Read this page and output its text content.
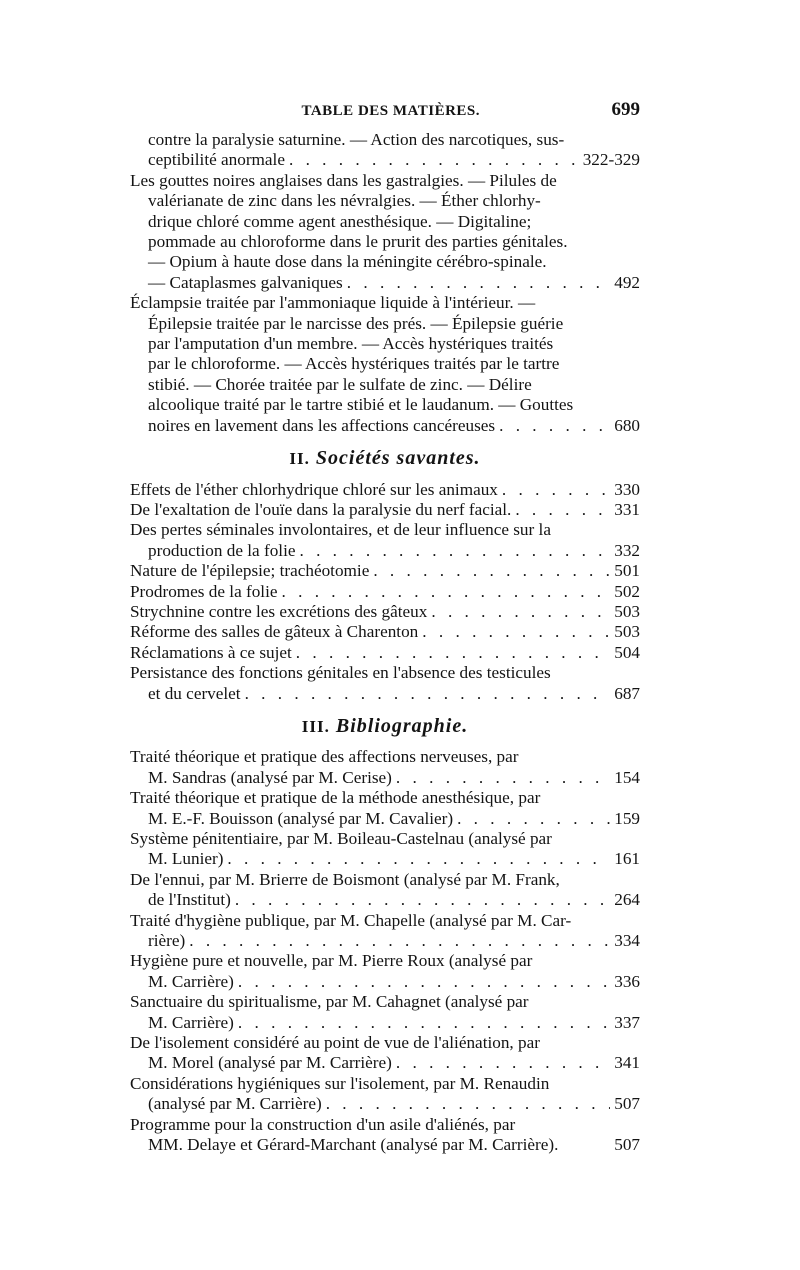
TABLE DES MATIÈRES.	699
contre la paralysie saturnine. — Action des narcotiques, sus-
ceptibilité anormale . . .	322-329
Les gouttes noires anglaises dans les gastralgies. — Pilules de
valérianate de zinc dans les névralgies. — Éther chlorhy-
drique chloré comme agent anesthésique. — Digitaline;
pommade au chloroforme dans le prurit des parties génitales.
— Opium à haute dose dans la méningite cérébro-spinale.
— Cataplasmes galvaniques . . .	492
Éclampsie traitée par l'ammoniaque liquide à l'intérieur. —
Épilepsie traitée par le narcisse des prés. — Épilepsie guérie
par l'amputation d'un membre. — Accès hystériques traités
par le chloroforme. — Accès hystériques traités par le tartre
stibié. — Chorée traitée par le sulfate de zinc. — Délire
alcoolique traité par le tartre stibié et le laudanum. — Gouttes
noires en lavement dans les affections cancéreuses . . .	680
II. Sociétés savantes.
Effets de l'éther chlorhydrique chloré sur les animaux . . .	330
De l'exaltation de l'ouïe dans la paralysie du nerf facial. . . .	331
Des pertes séminales involontaires, et de leur influence sur la
production de la folie . . .	332
Nature de l'épilepsie; trachéotomie . . .	501
Prodromes de la folie . . .	502
Strychnine contre les excrétions des gâteux . . .	503
Réforme des salles de gâteux à Charenton . . .	503
Réclamations à ce sujet . . .	504
Persistance des fonctions génitales en l'absence des testicules
et du cervelet . . .	687
III. Bibliographie.
Traité théorique et pratique des affections nerveuses, par
M. Sandras (analysé par M. Cerise) . . .	154
Traité théorique et pratique de la méthode anesthésique, par
M. E.-F. Bouisson (analysé par M. Cavalier) . . .	159
Système pénitentiaire, par M. Boileau-Castelnau (analysé par
M. Lunier) . . .	161
De l'ennui, par M. Brierre de Boismont (analysé par M. Frank,
de l'Institut) . . .	264
Traité d'hygiène publique, par M. Chapelle (analysé par M. Car-
rière) . . .	334
Hygiène pure et nouvelle, par M. Pierre Roux (analysé par
M. Carrière) . . .	336
Sanctuaire du spiritualisme, par M. Cahagnet (analysé par
M. Carrière) . . .	337
De l'isolement considéré au point de vue de l'aliénation, par
M. Morel (analysé par M. Carrière) . . .	341
Considérations hygiéniques sur l'isolement, par M. Renaudin
(analysé par M. Carrière) . . .	507
Programme pour la construction d'un asile d'aliénés, par
MM. Delaye et Gérard-Marchant (analysé par M. Carrière).	507
